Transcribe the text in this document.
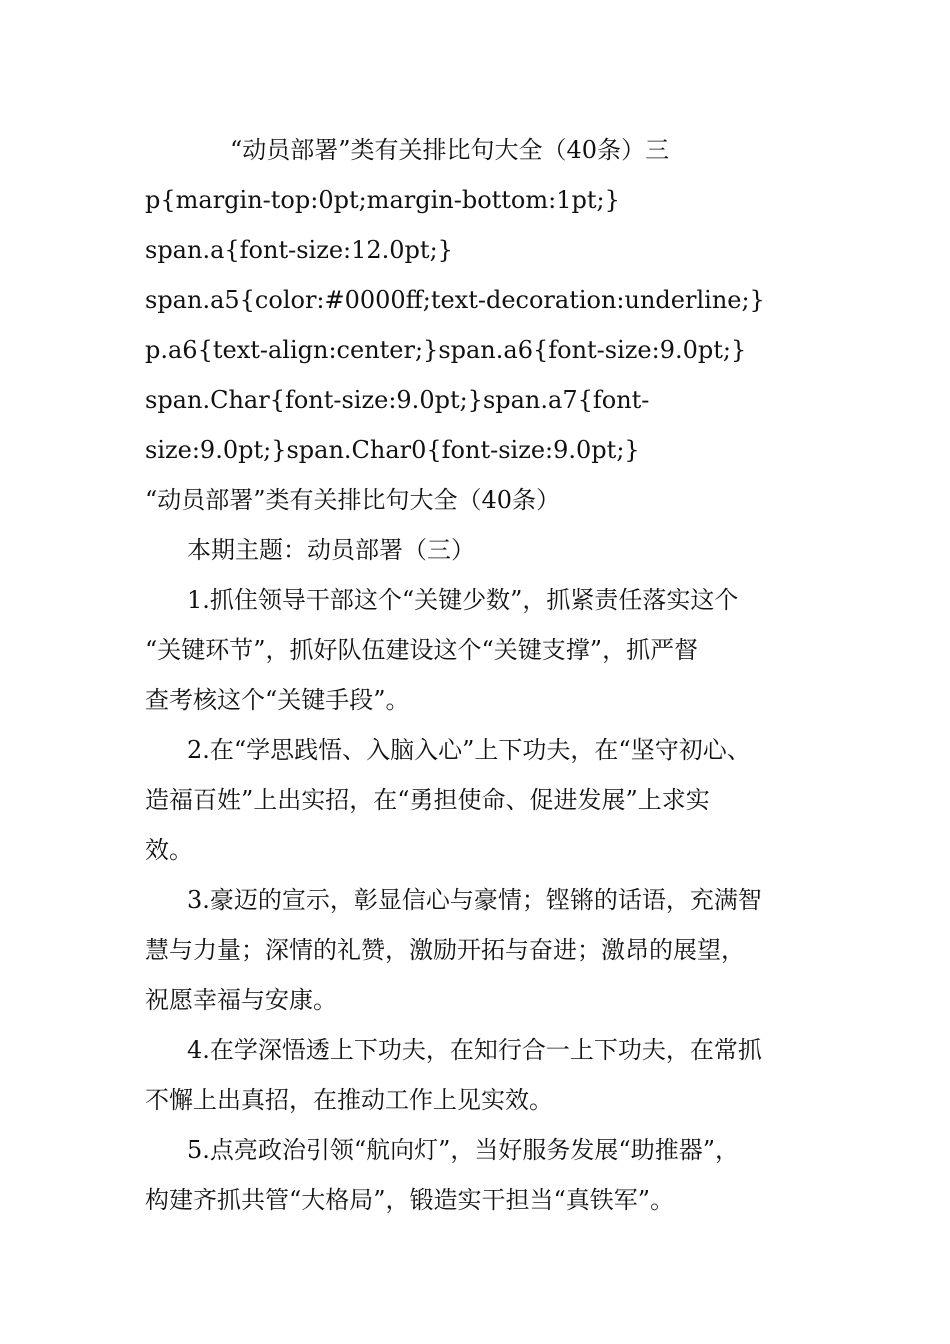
“动员部署”类有关排比句大全（40条）三
p{margin-top:0pt;margin-bottom:1pt;}
span.a{font-size:12.0pt;}
span.a5{color:#0000ff;text-decoration:underline;}
p.a6{text-align:center;}span.a6{font-size:9.0pt;}
span.Char{font-size:9.0pt;}span.a7{font-
size:9.0pt;}span.Char0{font-size:9.0pt;}
“动员部署”类有关排比句大全（40条）
本期主题：动员部署（三）
1.抓住领导干部这个“关键少数”，抓紧责任落实这个
“关键环节”，抓好队伍建设这个“关键支撑”，抓严督
查考核这个“关键手段”。
2.在“学思践悟、入脑入心”上下功夫，在“坚守初心、
造福百姓”上出实招，在“勇担使命、促进发展”上求实
效。
3.豪迈的宣示，彰显信心与豪情；铿锵的话语，充满智
慧与力量；深情的礼赞，激励开拓与奋进；激昂的展望，
祝愿幸福与安康。
4.在学深悟透上下功夫，在知行合一上下功夫，在常抓
不懈上出真招，在推动工作上见实效。
5.点亮政治引领“航向灯”，当好服务发展“助推器”，
构建齐抓共管“大格局”，锻造实干担当“真铁军”。
